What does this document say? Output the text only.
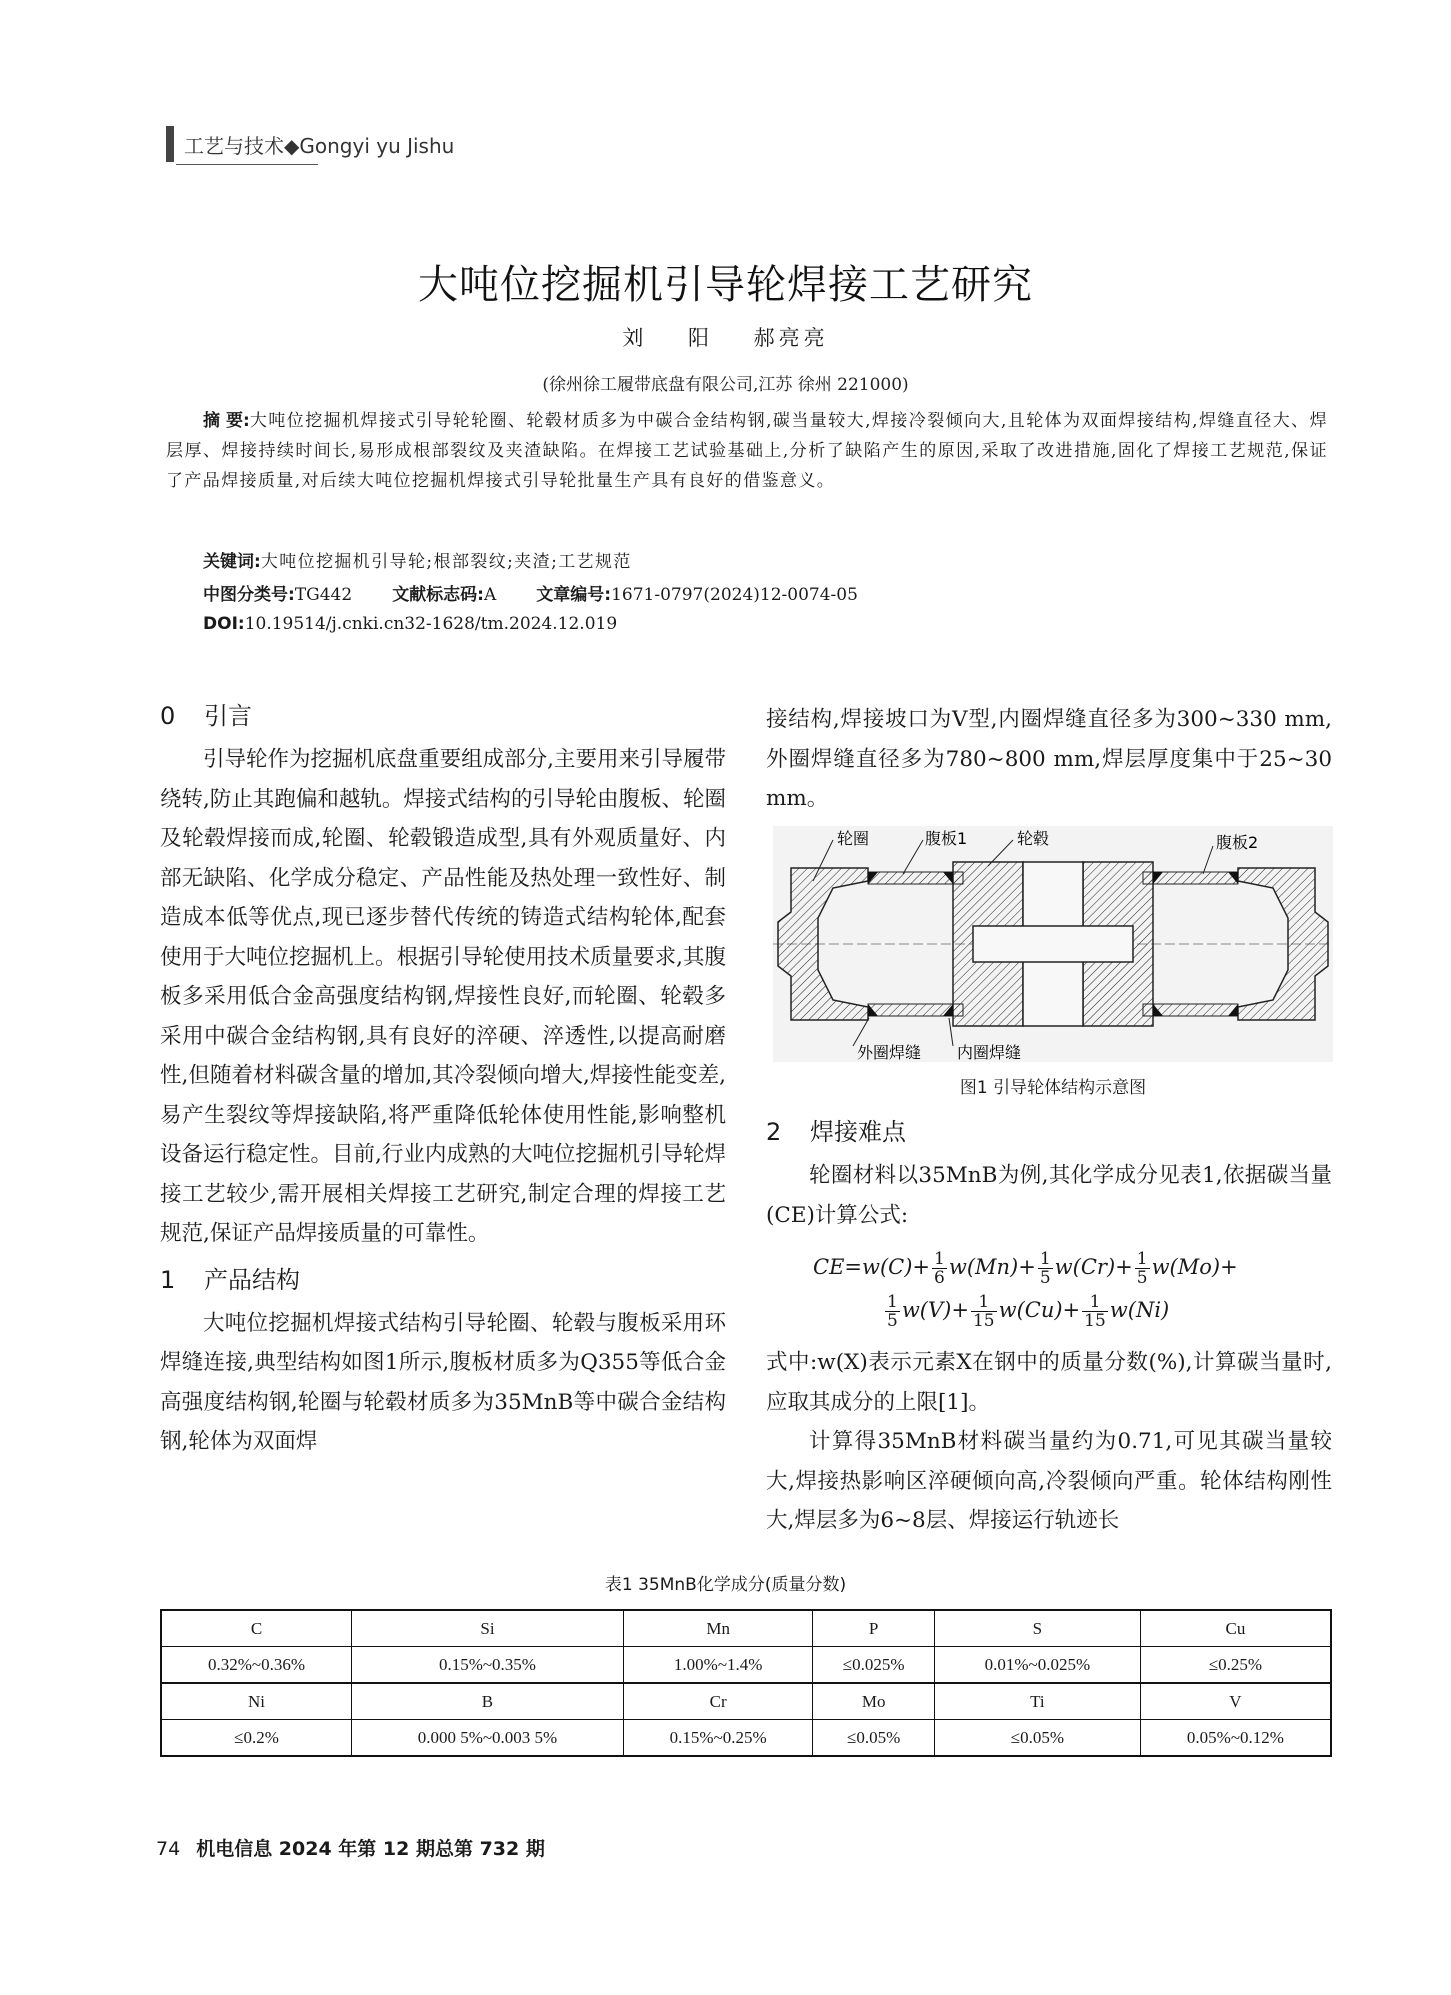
工艺与技术◆Gongyi yu Jishu
大吨位挖掘机引导轮焊接工艺研究
刘 阳 郝亮亮
(徐州徐工履带底盘有限公司,江苏 徐州 221000)
摘 要:大吨位挖掘机焊接式引导轮轮圈、轮毂材质多为中碳合金结构钢,碳当量较大,焊接冷裂倾向大,且轮体为双面焊接结构,焊缝直径大、焊层厚、焊接持续时间长,易形成根部裂纹及夹渣缺陷。在焊接工艺试验基础上,分析了缺陷产生的原因,采取了改进措施,固化了焊接工艺规范,保证了产品焊接质量,对后续大吨位挖掘机焊接式引导轮批量生产具有良好的借鉴意义。
关键词:大吨位挖掘机引导轮;根部裂纹;夹渣;工艺规范
中图分类号:TG442 文献标志码:A 文章编号:1671-0797(2024)12-0074-05
DOI:10.19514/j.cnki.cn32-1628/tm.2024.12.019
0 引言

引导轮作为挖掘机底盘重要组成部分,主要用来引导履带绕转,防止其跑偏和越轨。焊接式结构的引导轮由腹板、轮圈及轮毂焊接而成,轮圈、轮毂锻造成型,具有外观质量好、内部无缺陷、化学成分稳定、产品性能及热处理一致性好、制造成本低等优点,现已逐步替代传统的铸造式结构轮体,配套使用于大吨位挖掘机上。根据引导轮使用技术质量要求,其腹板多采用低合金高强度结构钢,焊接性良好,而轮圈、轮毂多采用中碳合金结构钢,具有良好的淬硬、淬透性,以提高耐磨性,但随着材料碳含量的增加,其冷裂倾向增大,焊接性能变差,易产生裂纹等焊接缺陷,将严重降低轮体使用性能,影响整机设备运行稳定性。目前,行业内成熟的大吨位挖掘机引导轮焊接工艺较少,需开展相关焊接工艺研究,制定合理的焊接工艺规范,保证产品焊接质量的可靠性。

1 产品结构

大吨位挖掘机焊接式结构引导轮圈、轮毂与腹板采用环焊缝连接,典型结构如图1所示,腹板材质多为Q355等低合金高强度结构钢,轮圈与轮毂材质多为35MnB等中碳合金结构钢,轮体为双面焊

接结构,焊接坡口为V型,内圈焊缝直径多为300~330 mm,外圈焊缝直径多为780~800 mm,焊层厚度集中于25~30 mm。

轮圈	腹板1	轮毂	腹板2
外圈焊缝 内圈焊缝
图1 引导轮体结构示意图
2 焊接难点

轮圈材料以35MnB为例,其化学成分见表1,依据碳当量(CE)计算公式:

$CE=w(C)+ \frac{1}{6} w(Mn)+ \frac{1}{5} w(Cr)+ \frac{1}{5} w(Mo)+$
$\frac{1}{5} w(V)+ \frac{1}{15} w(Cu)+ \frac{1}{15} w(Ni)$

式中:w(X)表示元素X在钢中的质量分数(%),计算碳当量时,应取其成分的上限[1]。

计算得35MnB材料碳当量约为0.71,可见其碳当量较大,焊接热影响区淬硬倾向高,冷裂倾向严重。轮体结构刚性大,焊层多为6~8层、焊接运行轨迹长

表1 35MnB化学成分(质量分数)
C	Si	Mn	P	S	Cu
0.32%~0.36%	0.15%~0.35%	1.00%~1.4%	≤0.025%	0.01%~0.025%	≤0.25%
Ni	B	Cr	Mo	Ti	V
≤0.2%	0.000 5%~0.003 5%	0.15%~0.25%	≤0.05%	≤0.05%	0.05%~0.12%
74 机电信息 2024 年第 12 期总第 732 期
